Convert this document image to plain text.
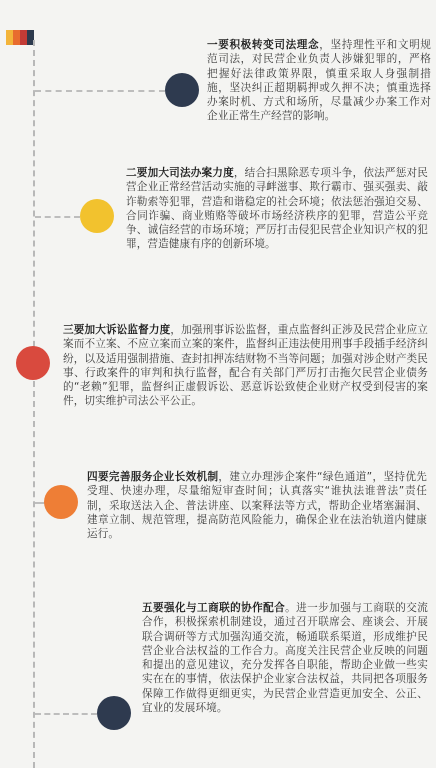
一要积极转变司法理念，坚持理性平和文明规范司法，对民营企业负责人涉嫌犯罪的，严格把握好法律政策界限，慎重采取人身强制措施，坚决纠正超期羁押或久押不决；慎重选择办案时机、方式和场所，尽量减少办案工作对企业正常生产经营的影响。
二要加大司法办案力度，结合扫黑除恶专项斗争，依法严惩对民营企业正常经营活动实施的寻衅滋事、欺行霸市、强买强卖、敲诈勒索等犯罪，营造和谐稳定的社会环境；依法惩治强迫交易、合同诈骗、商业贿赂等破坏市场经济秩序的犯罪，营造公平竞争、诚信经营的市场环境；严厉打击侵犯民营企业知识产权的犯罪，营造健康有序的创新环境。
三要加大诉讼监督力度，加强刑事诉讼监督，重点监督纠正涉及民营企业应立案而不立案、不应立案而立案的案件，监督纠正违法使用刑事手段插手经济纠纷，以及适用强制措施、查封扣押冻结财物不当等问题；加强对涉企财产类民事、行政案件的审判和执行监督，配合有关部门严厉打击拖欠民营企业债务的“老赖”犯罪，监督纠正虚假诉讼、恶意诉讼致使企业财产权受到侵害的案件，切实维护司法公平公正。
四要完善服务企业长效机制，建立办理涉企案件“绿色通道”，坚持优先受理、快速办理，尽量缩短审查时间；认真落实“谁执法谁普法”责任制，采取送法入企、普法讲座、以案释法等方式，帮助企业堵塞漏洞、建章立制、规范管理，提高防范风险能力，确保企业在法治轨道内健康运行。
五要强化与工商联的协作配合。进一步加强与工商联的交流合作，积极探索机制建设，通过召开联席会、座谈会、开展联合调研等方式加强沟通交流，畅通联系渠道，形成维护民营企业合法权益的工作合力。高度关注民营企业反映的问题和提出的意见建议，充分发挥各自职能，帮助企业做一些实实在在的事情，依法保护企业家合法权益，共同把各项服务保障工作做得更细更实，为民营企业营造更加安全、公正、宜业的发展环境。
